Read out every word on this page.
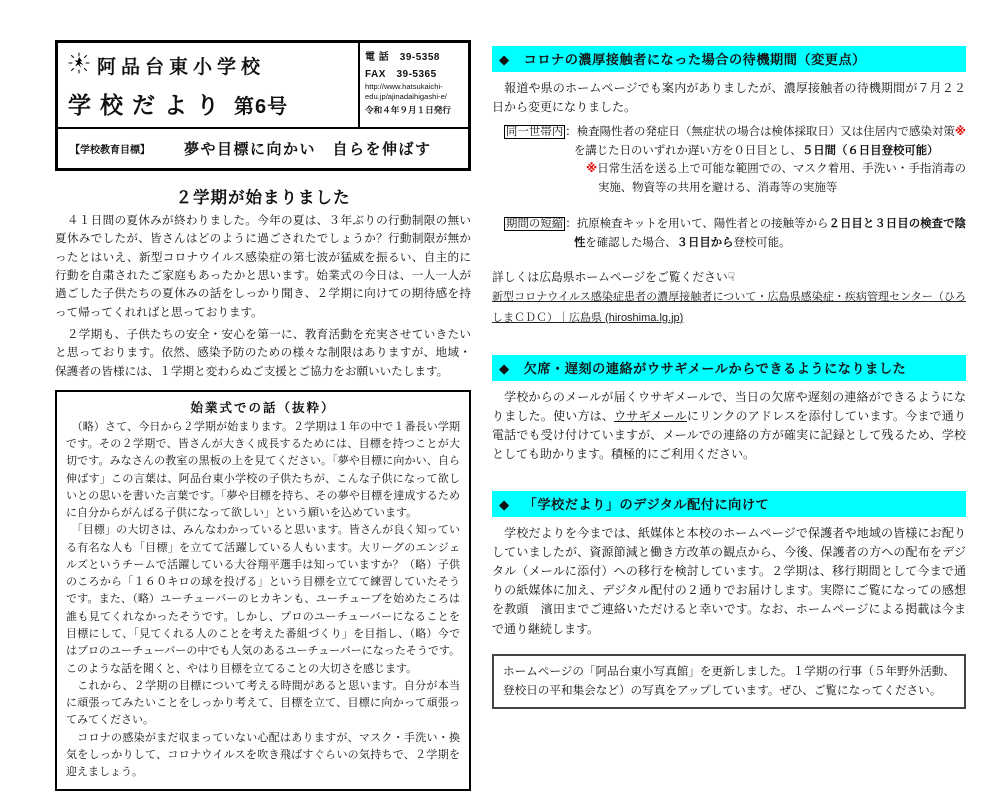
阿品台東小学校
学校だより 第6号
電 話　 39-5358
FAX　 39-5365
http://www.hatsukaichi-
edu.jp/ajinadaihigashi-e/
令和４年９月１日発行
【学校教育目標】 夢や目標に向かい　自らを伸ばす
２学期が始まりました

　４１日間の夏休みが終わりました。今年の夏は、３年ぶりの行動制限の無い夏休みでしたが、皆さんはどのように過ごされたでしょうか？行動制限が無かったとはいえ、新型コロナウイルス感染症の第七波が猛威を振るい、自主的に行動を自粛されたご家庭もあったかと思います。始業式の今日は、一人一人が過ごした子供たちの夏休みの話をしっかり聞き、２学期に向けての期待感を持って帰ってくれればと思っております。

　２学期も、子供たちの安全・安心を第一に、教育活動を充実させていきたいと思っております。依然、感染予防のための様々な制限はありますが、地域・保護者の皆様には、１学期と変わらぬご支援とご協力をお願いいたします。

始業式での話（抜粋）

　（略）さて、今日から２学期が始まります。２学期は１年の中で１番長い学期です。その２学期で、皆さんが大きく成長するためには、目標を持つことが大切です。みなさんの教室の黒板の上を見てください。「夢や目標に向かい、自ら伸ばす」この言葉は、阿品台東小学校の子供たちが、こんな子供になって欲しいとの思いを書いた言葉です。「夢や目標を持ち、その夢や目標を達成するために自分からがんばる子供になって欲しい」という願いを込めています。

　「目標」の大切さは、みんなわかっていると思います。皆さんが良く知っている有名な人も「目標」を立てて活躍している人もいます。大リーグのエンジェルズというチームで活躍している大谷翔平選手は知っていますか？（略）子供のころから「１６０キロの球を投げる」という目標を立てて練習していたそうです。また、（略）ユーチューバーのヒカキンも、ユーチューブを始めたころは誰も見てくれなかったそうです。しかし、プロのユーチューバーになることを目標にして、「見てくれる人のことを考えた番組づくり」を目指し、（略）今ではプロのユーチューバーの中でも人気のあるユーチューバーになったそうです。このような話を聞くと、やはり目標を立てることの大切さを感じます。

　これから、２学期の目標について考える時間があると思います。自分が本当に頑張ってみたいことをしっかり考えて、目標を立て、目標に向かって頑張ってみてください。

　コロナの感染がまだ収まっていない心配はありますが、マスク・手洗い・換気をしっかりして、コロナウイルスを吹き飛ばすぐらいの気持ちで、２学期を迎えましょう。

◆ コロナの濃厚接触者になった場合の待機期間（変更点）

　報道や県のホームページでも案内がありましたが、濃厚接触者の待機期間が７月２２日から変更になりました。

同一世帯内 ：検査陽性者の発症日（無症状の場合は検体採取日）又は住居内で感染対策※を講じた日のいずれか遅い方を０日目とし、５日間（６日目登校可能）
※日常生活を送る上で可能な範囲での、マスク着用、手洗い・手指消毒の実施、物資等の共用を避ける、消毒等の実施等
期間の短縮 ：抗原検査キットを用いて、陽性者との接触等から２日目と３日目の検査で陰性を確認した場合、３日目から登校可能。
詳しくは広島県ホームページをご覧ください☟
新型コロナウイルス感染症患者の濃厚接触者について・広島県感染症・疾病管理センター（ひろしまＣＤＣ）｜広島県 (hiroshima.lg.jp)
◆ 欠席・遅刻の連絡がウサギメールからできるようになりました

　学校からのメールが届くウサギメールで、当日の欠席や遅刻の連絡ができるようになりました。使い方は、ウサギメールにリンクのアドレスを添付しています。今まで通り電話でも受け付けていますが、メールでの連絡の方が確実に記録として残るため、学校としても助かります。積極的にご利用ください。

◆ 「学校だより」のデジタル配付に向けて

　学校だよりを今までは、紙媒体と本校のホームページで保護者や地域の皆様にお配りしていましたが、資源節減と働き方改革の観点から、今後、保護者の方への配布をデジタル（メールに添付）への移行を検討しています。２学期は、移行期間として今まで通りの紙媒体に加え、デジタル配付の２通りでお届けします。実際にご覧になっての感想を教頭　濱田までご連絡いただけると幸いです。なお、ホームページによる掲載は今まで通り継続します。

ホームページの「阿品台東小写真館」を更新しました。１学期の行事（５年野外活動、登校日の平和集会など）の写真をアップしています。ぜひ、ご覧になってください。
